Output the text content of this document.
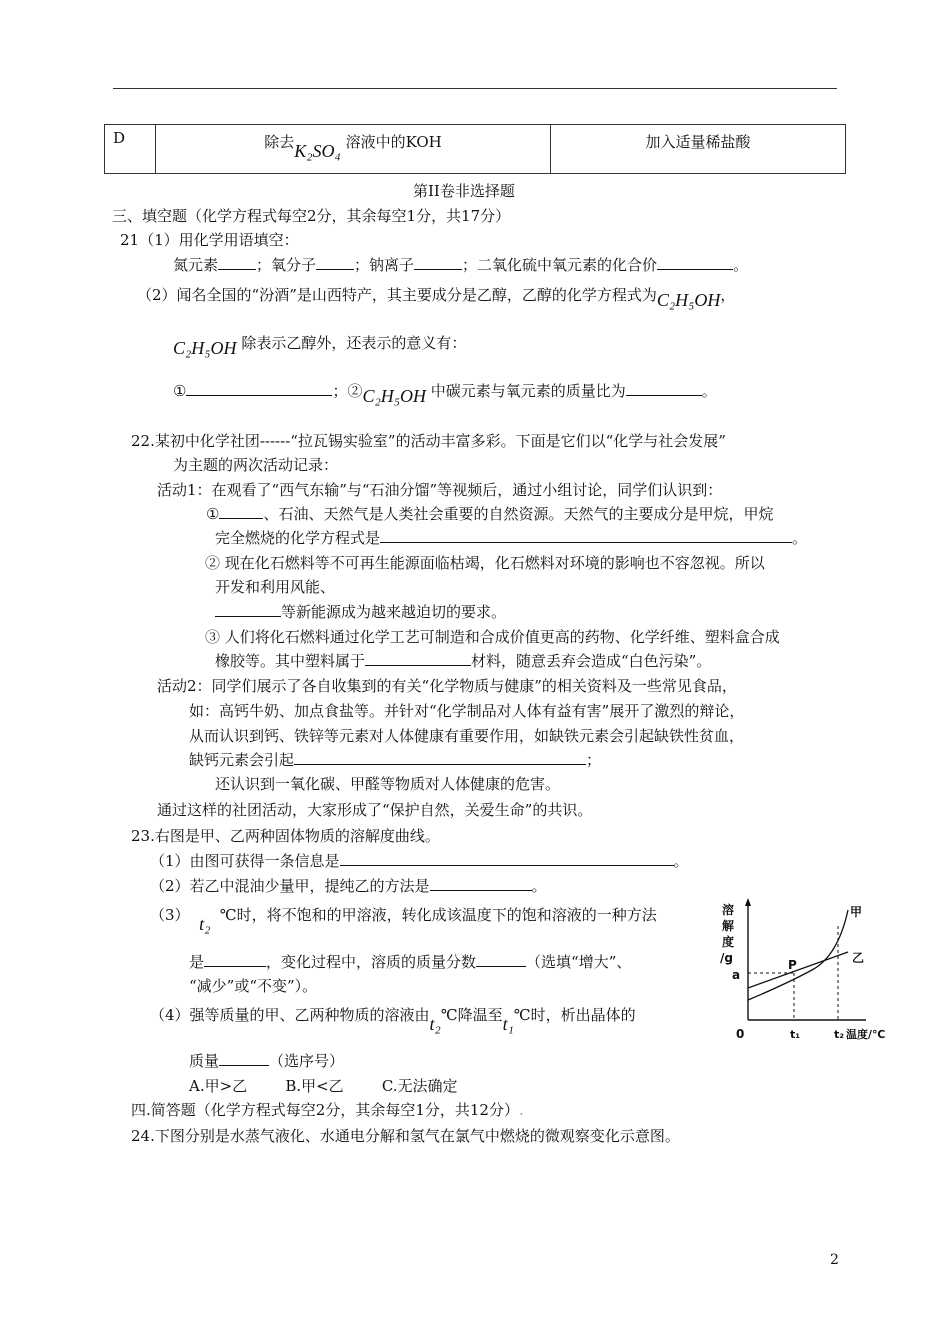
D	除去K₂SO₄ 溶液中的KOH	加入适量稀盐酸
第II卷非选择题
三、填空题（化学方程式每空2分，其余每空1分，共17分）
21（1）用化学用语填空：
氮元素	；氧分子	；钠离子	；二氧化硫中氧元素的化合价	。
（2）闻名全国的“汾酒”是山西特产，其主要成分是乙醇，乙醇的化学方程式为C₂H₅OH，
C₂H₅OH 除表示乙醇外，还表示的意义有：
①	；②C₂H₅OH 中碳元素与氧元素的质量比为	。
22.某初中化学社团------“拉瓦锡实验室”的活动丰富多彩。下面是它们以“化学与社会发展”
为主题的两次活动记录：
活动1：在观看了“西气东输”与“石油分馏”等视频后，通过小组讨论，同学们认识到：
①	、石油、天然气是人类社会重要的自然资源。天然气的主要成分是甲烷，甲烷
完全燃烧的化学方程式是	。
② 现在化石燃料等不可再生能源面临枯竭，化石燃料对环境的影响也不容忽视。所以
开发和利用风能、
等新能源成为越来越迫切的要求。
③ 人们将化石燃料通过化学工艺可制造和合成价值更高的药物、化学纤维、塑料盒合成
橡胶等。其中塑料属于	材料，随意丢弃会造成“白色污染”。
活动2：同学们展示了各自收集到的有关“化学物质与健康”的相关资料及一些常见食品，
如：高钙牛奶、加点食盐等。并针对“化学制品对人体有益有害”展开了激烈的辩论，
从而认识到钙、铁锌等元素对人体健康有重要作用，如缺铁元素会引起缺铁性贫血，
缺钙元素会引起	；
还认识到一氧化碳、甲醛等物质对人体健康的危害。
通过这样的社团活动，大家形成了“保护自然，关爱生命”的共识。
23.右图是甲、乙两种固体物质的溶解度曲线。
（1）由图可获得一条信息是	。
（2）若乙中混油少量甲，提纯乙的方法是	。
（3） t₂ ℃时，将不饱和的甲溶液，转化成该温度下的饱和溶液的一种方法
是	，变化过程中，溶质的质量分数	（选填“增大”、
“减少”或“不变”）。
（4）强等质量的甲、乙两种物质的溶液由t₂℃降温至t₁℃时，析出晶体的
质量	（选序号）
A.甲>乙        B.甲<乙        C.无法确定
溶
解
度
/g
甲
乙
P
a
0	t₁	t₂ 温度/℃
四.简答题（化学方程式每空2分，其余每空1分，共12分）.
24.下图分别是水蒸气液化、水通电分解和氢气在氯气中燃烧的微观察变化示意图。
2
